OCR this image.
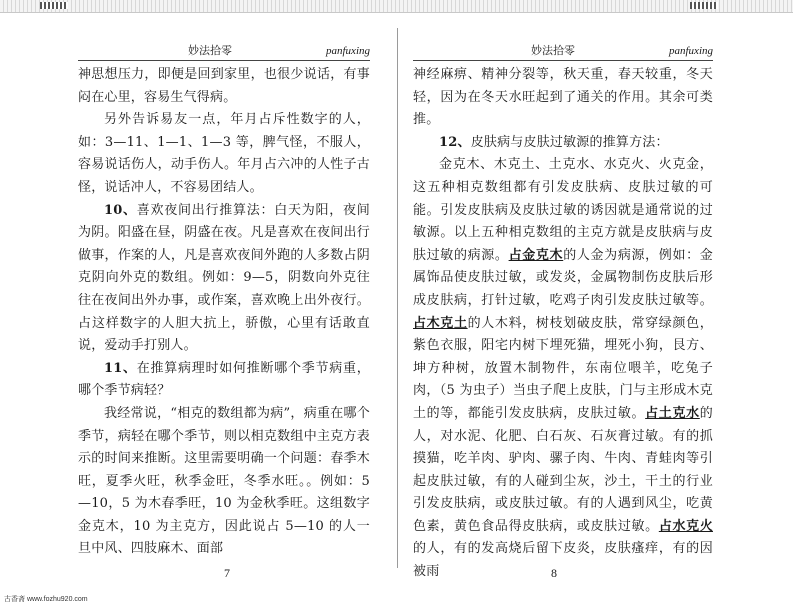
妙法拾零	panfuxing

神思想压力，即便是回到家里，也很少说话，有事闷在心里，容易生气得病。

另外告诉易友一点，年月占斥性数字的人，如：3—11、1—1、1—3 等，脾气怪，不服人，容易说话伤人，动手伤人。年月占六冲的人性子古怪，说话冲人，不容易团结人。

10、喜欢夜间出行推算法：白天为阳，夜间为阴。阳盛在昼，阴盛在夜。凡是喜欢在夜间出行做事，作案的人，凡是喜欢夜间外跑的人多数占阴克阴向外克的数组。例如：9—5，阴数向外克往往在夜间出外办事，或作案，喜欢晚上出外夜行。占这样数字的人胆大抗上，骄傲，心里有话敢直说，爱动手打别人。

11、在推算病理时如何推断哪个季节病重，哪个季节病轻？

我经常说，“相克的数组都为病”，病重在哪个季节，病轻在哪个季节，则以相克数组中主克方表示的时间来推断。这里需要明确一个问题：春季木旺，夏季火旺，秋季金旺，冬季水旺。。例如：5—10，5 为木春季旺，10 为金秋季旺。这组数字金克木，10 为主克方，因此说占 5—10 的人一旦中风、四肢麻木、面部

7
妙法拾零	panfuxing

神经麻痹、精神分裂等，秋天重，春天较重，冬天轻，因为在冬天水旺起到了通关的作用。其余可类推。

12、皮肤病与皮肤过敏源的推算方法：

金克木、木克土、土克水、水克火、火克金，这五种相克数组都有引发皮肤病、皮肤过敏的可能。引发皮肤病及皮肤过敏的诱因就是通常说的过敏源。以上五种相克数组的主克方就是皮肤病与皮肤过敏的病源。占金克木的人金为病源，例如：金属饰品使皮肤过敏，或发炎，金属物制伤皮肤后形成皮肤病，打针过敏，吃鸡子肉引发皮肤过敏等。占木克土的人木料，树枝划破皮肤，常穿绿颜色，紫色衣服，阳宅内树下埋死猫，埋死小狗，艮方、坤方种树，放置木制物件，东南位喂羊，吃兔子肉，（5 为虫子）当虫子爬上皮肤，门与主形成木克土的等，都能引发皮肤病，皮肤过敏。占土克水的人，对水泥、化肥、白石灰、石灰膏过敏。有的抓摸猫，吃羊肉、驴肉、骡子肉、牛肉、青蛙肉等引起皮肤过敏，有的人碰到尘灰，沙土，干土的行业引发皮肤病，或皮肤过敏。有的人遇到风尘，吃黄色素，黄色食品得皮肤病，或皮肤过敏。占水克火的人，有的发高烧后留下皮炎，皮肤瘙痒，有的因被雨	8
古香斋 www.fozhu920.com
